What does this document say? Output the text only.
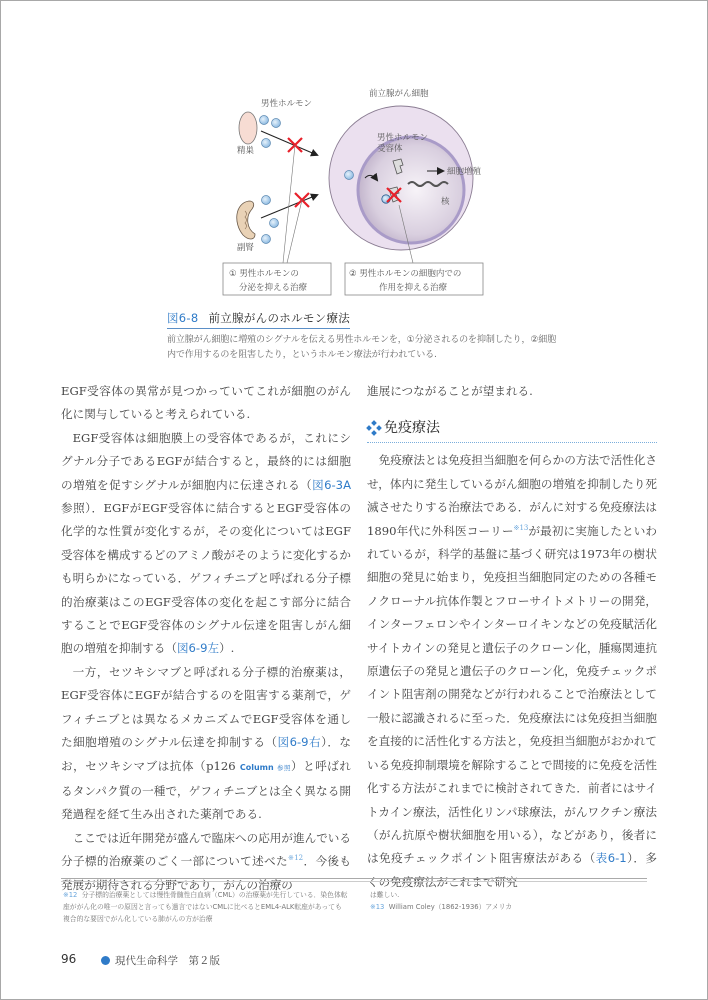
男性ホルモン
精巣
副腎
前立腺がん細胞
男性ホルモン
受容体
細胞増殖
核
① 男性ホルモンの
分泌を抑える治療
② 男性ホルモンの細胞内での
作用を抑える治療
図6-8 前立腺がんのホルモン療法
前立腺がん細胞に増殖のシグナルを伝える男性ホルモンを，①分泌されるのを抑制したり，②細胞内で作用するのを阻害したり，というホルモン療法が行われている.

EGF受容体の異常が見つかっていてこれが細胞のがん化に関与していると考えられている.

EGF受容体は細胞膜上の受容体であるが，これにシグナル分子であるEGFが結合すると，最終的には細胞の増殖を促すシグナルが細胞内に伝達される（図6-3A参照）．EGFがEGF受容体に結合するとEGF受容体の化学的な性質が変化するが，その変化についてはEGF受容体を構成するどのアミノ酸がそのように変化するかも明らかになっている．ゲフィチニブと呼ばれる分子標的治療薬はこのEGF受容体の変化を起こす部分に結合することでEGF受容体のシグナル伝達を阻害しがん細胞の増殖を抑制する（図6-9左）.

一方，セツキシマブと呼ばれる分子標的治療薬は，EGF受容体にEGFが結合するのを阻害する薬剤で，ゲフィチニブとは異なるメカニズムでEGF受容体を通した細胞増殖のシグナル伝達を抑制する（図6-9右）．なお，セツキシマブは抗体（p126 Column 参照）と呼ばれるタンパク質の一種で，ゲフィチニブとは全く異なる開発過程を経て生み出された薬剤である.

ここでは近年開発が盛んで臨床への応用が進んでいる分子標的治療薬のごく一部について述べた$^{※12}$．今後も発展が期待される分野であり，がんの治療の

進展につながることが望まれる.

免疫療法

免疫療法とは免疫担当細胞を何らかの方法で活性化させ，体内に発生しているがん細胞の増殖を抑制したり死滅させたりする治療法である．がんに対する免疫療法は1890年代に外科医コーリー$^{※13}$が最初に実施したといわれているが，科学的基盤に基づく研究は1973年の樹状細胞の発見に始まり，免疫担当細胞同定のための各種モノクローナル抗体作製とフローサイトメトリーの開発，インターフェロンやインターロイキンなどの免疫賦活化サイトカインの発見と遺伝子のクローン化，腫瘍関連抗原遺伝子の発見と遺伝子のクローン化，免疫チェックポイント阻害剤の開発などが行われることで治療法として一般に認識されるに至った．免疫療法には免疫担当細胞を直接的に活性化する方法と，免疫担当細胞がおかれている免疫抑制環境を解除することで間接的に免疫を活性化する方法がこれまでに検討されてきた．前者にはサイトカイン療法，活性化リンパ球療法，がんワクチン療法（がん抗原や樹状細胞を用いる），などがあり，後者には免疫チェックポイント阻害療法がある（表6-1）．多くの免疫療法がこれまで研究

※12 分子標的治療薬としては慢性骨髄性白血病（CML）の治療薬が先行している．染色体転座ががん化の唯一の原因と言っても過言ではないCMLに比べるとEML4-ALK転座があっても複合的な要因でがん化している肺がんの方が治療
は難しい.
※13 William Coley（1862-1936）アメリカ
96	現代生命科学　第２版
